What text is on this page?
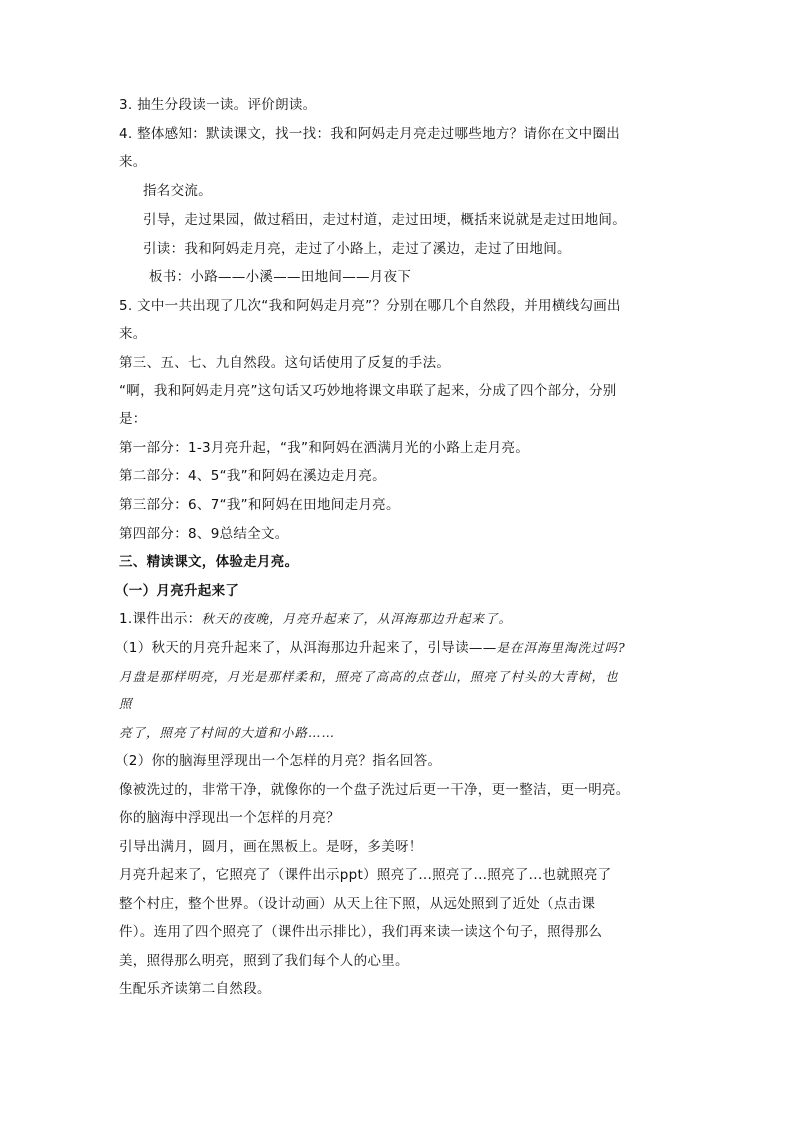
3. 抽生分段读一读。评价朗读。
4. 整体感知：默读课文，找一找：我和阿妈走月亮走过哪些地方？请你在文中圈出
来。
指名交流。
引导，走过果园，做过稻田，走过村道，走过田埂，概括来说就是走过田地间。
引读：我和阿妈走月亮，走过了小路上，走过了溪边，走过了田地间。
板书：小路——小溪——田地间——月夜下
5. 文中一共出现了几次“我和阿妈走月亮”？分别在哪几个自然段，并用横线勾画出
来。
第三、五、七、九自然段。这句话使用了反复的手法。
“啊，我和阿妈走月亮”这句话又巧妙地将课文串联了起来，分成了四个部分，分别
是：
第一部分：1-3月亮升起，“我”和阿妈在洒满月光的小路上走月亮。
第二部分：4、5“我”和阿妈在溪边走月亮。
第三部分：6、7“我”和阿妈在田地间走月亮。
第四部分：8、9总结全文。
三、精读课文，体验走月亮。
（一）月亮升起来了
1.课件出示：秋天的夜晚，月亮升起来了，从洱海那边升起来了。
（1）秋天的月亮升起来了，从洱海那边升起来了，引导读——是在洱海里淘洗过吗?
月盘是那样明亮，月光是那样柔和，照亮了高高的点苍山，照亮了村头的大青树，也
照
亮了，照亮了村间的大道和小路……
（2）你的脑海里浮现出一个怎样的月亮？指名回答。
像被洗过的，非常干净，就像你的一个盘子洗过后更一干净，更一整洁，更一明亮。
你的脑海中浮现出一个怎样的月亮？
引导出满月，圆月，画在黑板上。是呀，多美呀！
月亮升起来了，它照亮了（课件出示ppt）照亮了...照亮了...照亮了...也就照亮了
整个村庄，整个世界。（设计动画）从天上往下照，从远处照到了近处（点击课
件）。连用了四个照亮了（课件出示排比），我们再来读一读这个句子，照得那么
美，照得那么明亮，照到了我们每个人的心里。
生配乐齐读第二自然段。
